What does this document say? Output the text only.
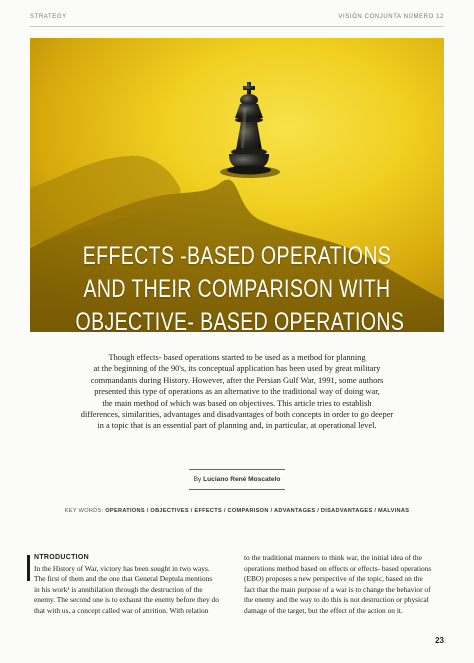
STRATEGY	VISIÓN CONJUNTA NÚMERO 12
EFFECTS -BASED OPERATIONS
AND THEIR COMPARISON WITH
OBJECTIVE- BASED OPERATIONS
Though effects- based operations started to be used as a method for planning
at the beginning of the 90's, its conceptual application has been used by great military
commandants during History. However, after the Persian Gulf War, 1991, some authors
presented this type of operations as an alternative to the traditional way of doing war,
the main method of which was based on objectives. This article tries to establish
differences, similarities, advantages and disadvantages of both concepts in order to go deeper
in a topic that is an essential part of planning and, in particular, at operational level.
By Luciano René Moscatelo
KEY WORDS: OPERATIONS / OBJECTIVES / EFFECTS / COMPARISON / ADVANTAGES / DISADVANTAGES / MALVINAS
NTRODUCTION
In the History of War, victory has been sought in two ways.
The first of them and the one that General Deptula mentions
in his work¹ is annihilation through the destruction of the
enemy. The second one is to exhaust the enemy before they do
that with us, a concept called war of attrition. With relation
to the traditional manners to think war, the initial idea of the
operations method based on effects or effects- based operations
(EBO) proposes a new perspective of the topic, based on the
fact that the main purpose of a war is to change the behavior of
the enemy and the way to do this is not destruction or physical
damage of the target, but the effect of the action on it.
23
